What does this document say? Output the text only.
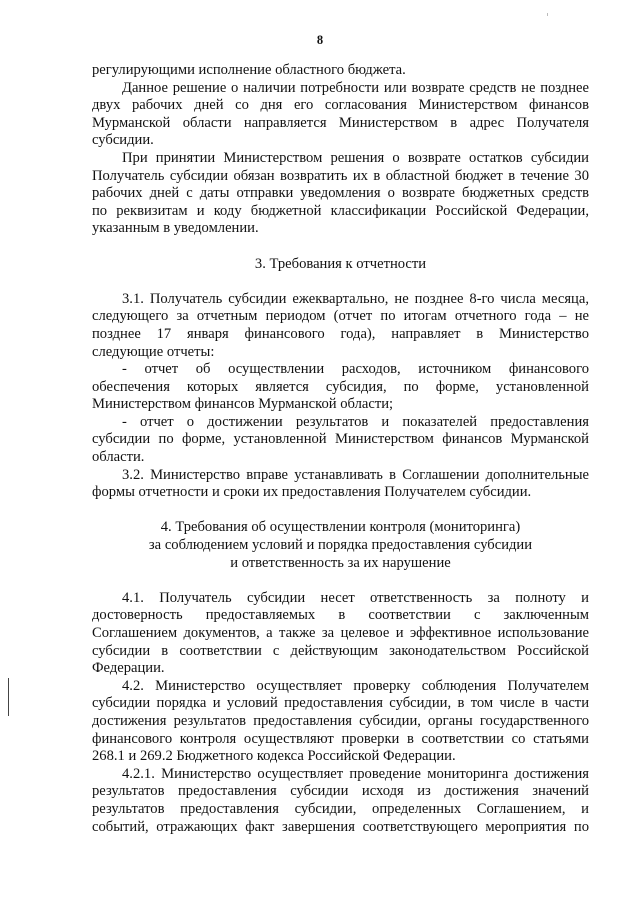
8
регулирующими исполнение областного бюджета.
Данное решение о наличии потребности или возврате средств не позднее
двух рабочих дней со дня его согласования Министерством финансов
Мурманской области направляется Министерством в адрес Получателя
субсидии.
При принятии Министерством решения о возврате остатков субсидии
Получатель субсидии обязан возвратить их в областной бюджет в течение 30
рабочих дней с даты отправки уведомления о возврате бюджетных средств
по реквизитам и коду бюджетной классификации Российской Федерации,
указанным в уведомлении.
3. Требования к отчетности
3.1. Получатель субсидии ежеквартально, не позднее 8-го числа месяца,
следующего за отчетным периодом (отчет по итогам отчетного года – не
позднее 17 января финансового года), направляет в Министерство
следующие отчеты:
- отчет об осуществлении расходов, источником финансового
обеспечения которых является субсидия, по форме, установленной
Министерством финансов Мурманской области;
- отчет о достижении результатов и показателей предоставления
субсидии по форме, установленной Министерством финансов Мурманской
области.
3.2. Министерство вправе устанавливать в Соглашении дополнительные
формы отчетности и сроки их предоставления Получателем субсидии.
4. Требования об осуществлении контроля (мониторинга)
за соблюдением условий и порядка предоставления субсидии
и ответственность за их нарушение
4.1. Получатель субсидии несет ответственность за полноту и
достоверность предоставляемых в соответствии с заключенным
Соглашением документов, а также за целевое и эффективное использование
субсидии в соответствии с действующим законодательством Российской
Федерации.
4.2. Министерство осуществляет проверку соблюдения Получателем
субсидии порядка и условий предоставления субсидии, в том числе в части
достижения результатов предоставления субсидии, органы государственного
финансового контроля осуществляют проверки в соответствии со статьями
268.1 и 269.2 Бюджетного кодекса Российской Федерации.
4.2.1. Министерство осуществляет проведение мониторинга достижения
результатов предоставления субсидии исходя из достижения значений
результатов предоставления субсидии, определенных Соглашением, и
событий, отражающих факт завершения соответствующего мероприятия по
